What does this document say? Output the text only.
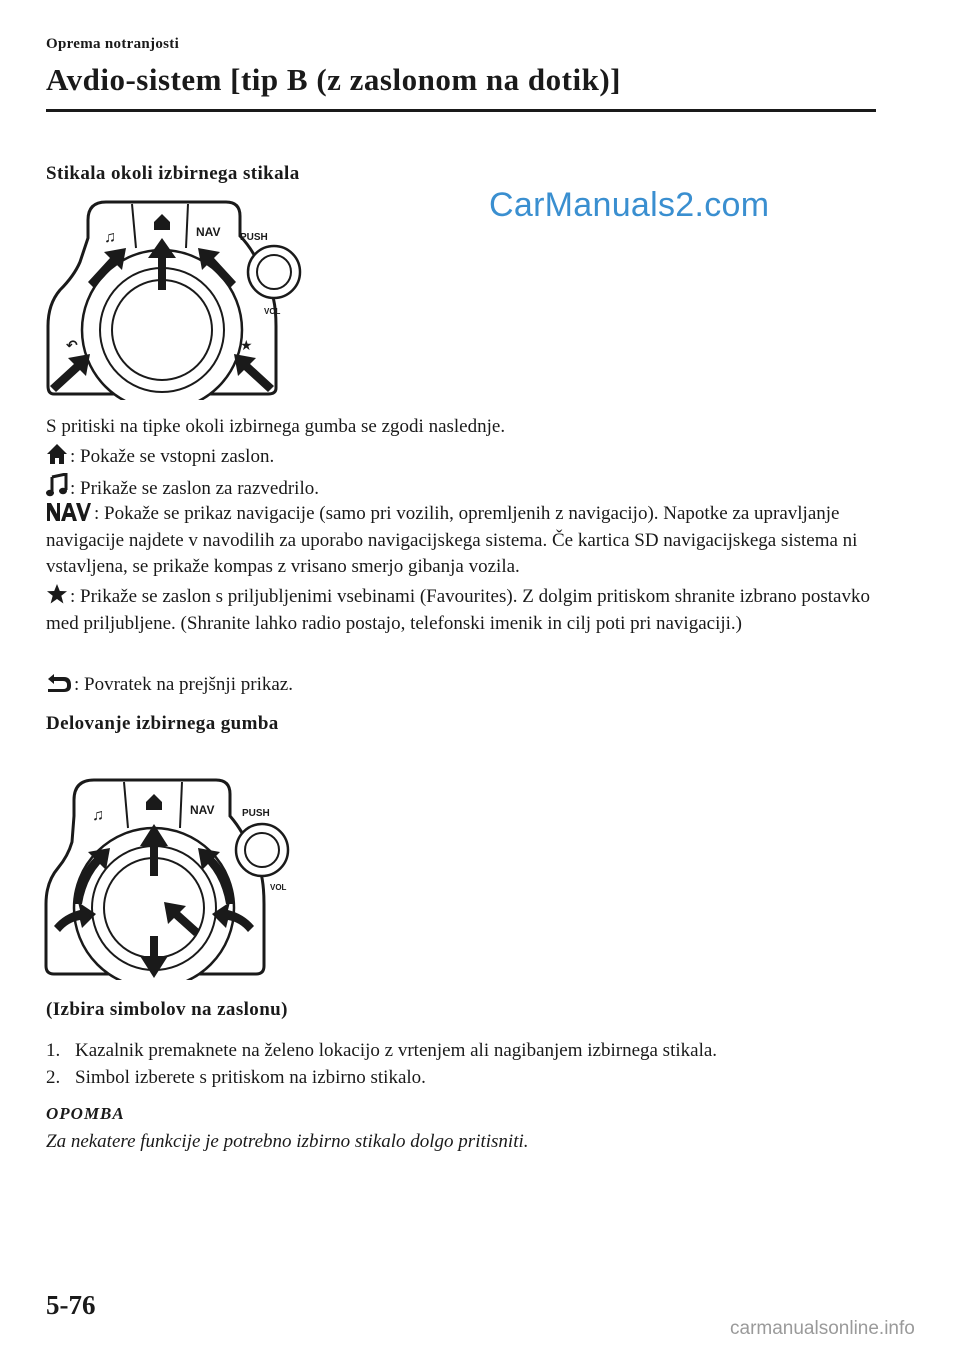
Oprema notranjosti
Avdio-sistem [tip B (z zaslonom na dotik)]
CarManuals2.com
Stikala okoli izbirnega stikala
PUSH
VOL
NAV
♫
↶	★
S pritiski na tipke okoli izbirnega gumba se zgodi naslednje.
: Pokaže se vstopni zaslon.
: Prikaže se zaslon za razvedrilo.
: Pokaže se prikaz navigacije (samo pri vozilih, opremljenih z navigacijo). Napotke za upravljanje navigacije najdete v navodilih za uporabo navigacijskega sistema. Če kartica SD navigacijskega sistema ni vstavljena, se prikaže kompas z vrisano smerjo gibanja vozila.
: Prikaže se zaslon s priljubljenimi vsebinami (Favourites). Z dolgim pritiskom shranite izbrano postavko med priljubljene. (Shranite lahko radio postajo, telefonski imenik in cilj poti pri navigaciji.)
: Povratek na prejšnji prikaz.
Delovanje izbirnega gumba
PUSH
VOL
NAV
♫
(Izbira simbolov na zaslonu)
1. Kazalnik premaknete na želeno lokacijo z vrtenjem ali nagibanjem izbirnega stikala.
2. Simbol izberete s pritiskom na izbirno stikalo.
OPOMBA
Za nekatere funkcije je potrebno izbirno stikalo dolgo pritisniti.
5-76
carmanualsonline.info
